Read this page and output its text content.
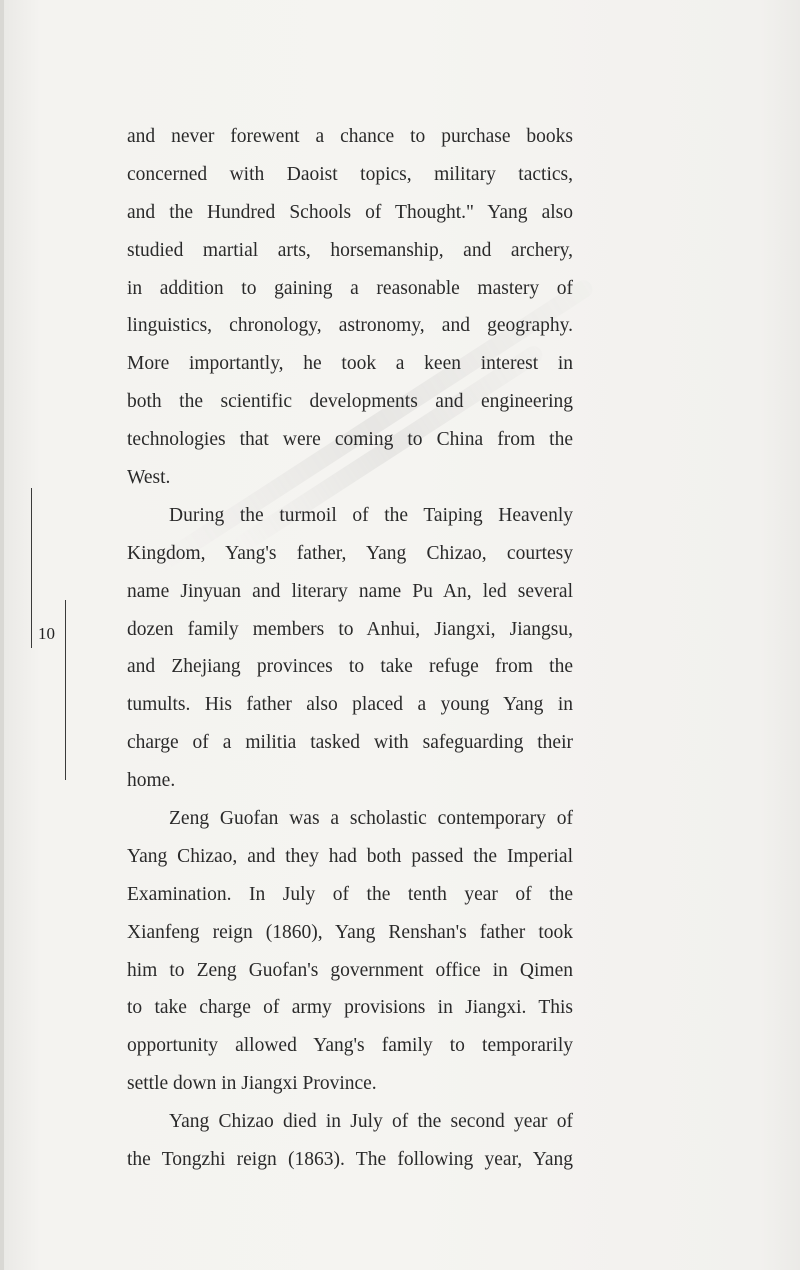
10
and never forewent a chance to purchase books
concerned with Daoist topics, military tactics,
and the Hundred Schools of Thought." Yang also
studied martial arts, horsemanship, and archery,
in addition to gaining a reasonable mastery of
linguistics, chronology, astronomy, and geography.
More importantly, he took a keen interest in
both the scientific developments and engineering
technologies that were coming to China from the
West.
During the turmoil of the Taiping Heavenly
Kingdom, Yang's father, Yang Chizao, courtesy
name Jinyuan and literary name Pu An, led several
dozen family members to Anhui, Jiangxi, Jiangsu,
and Zhejiang provinces to take refuge from the
tumults. His father also placed a young Yang in
charge of a militia tasked with safeguarding their
home.
Zeng Guofan was a scholastic contemporary of
Yang Chizao, and they had both passed the Imperial
Examination. In July of the tenth year of the
Xianfeng reign (1860), Yang Renshan's father took
him to Zeng Guofan's government office in Qimen
to take charge of army provisions in Jiangxi. This
opportunity allowed Yang's family to temporarily
settle down in Jiangxi Province.
Yang Chizao died in July of the second year of
the Tongzhi reign (1863). The following year, Yang
